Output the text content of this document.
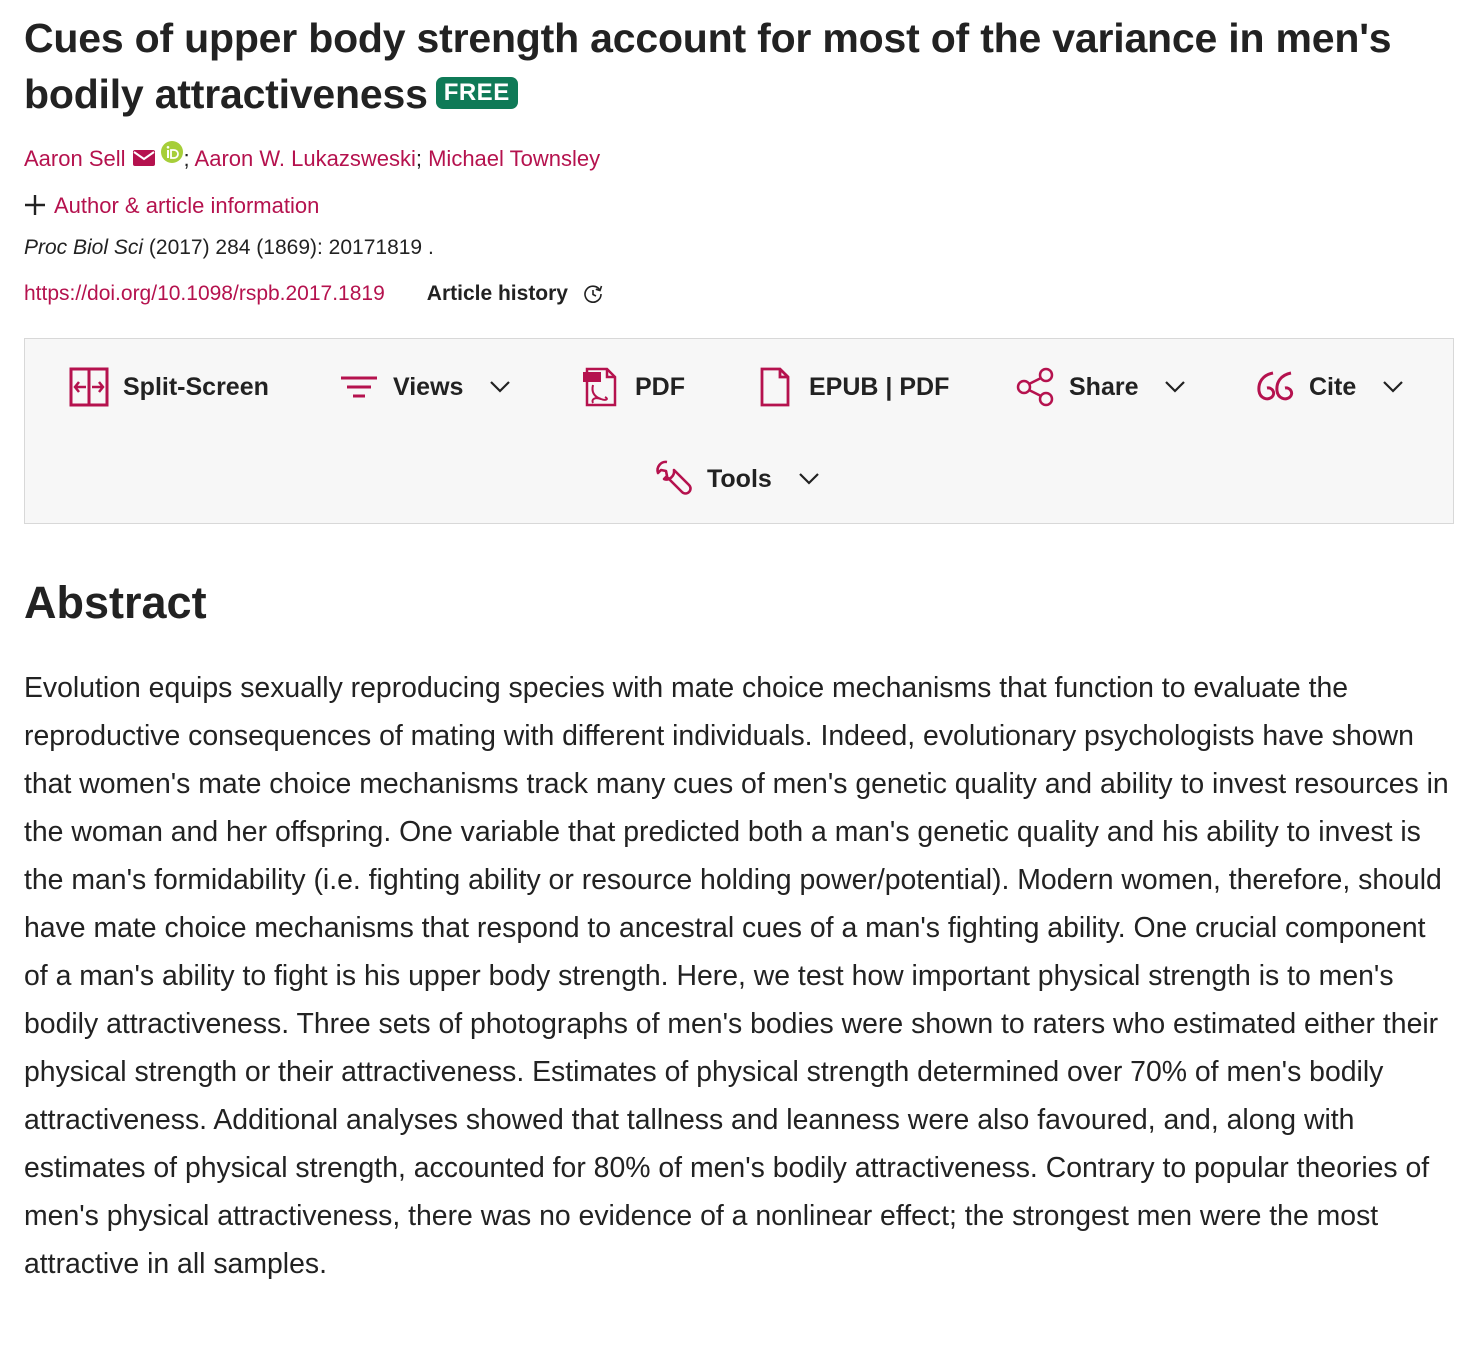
Cues of upper body strength account for most of the variance in men's bodily attractiveness FREE
Aaron Sell	; Aaron W. Lukazsweski; Michael Townsley
Author & article information
Proc Biol Sci (2017) 284 (1869): 20171819 .
https://doi.org/10.1098/rspb.2017.1819 Article history
Split-Screen	Views	PDF	EPUB | PDF	Share	Cite
Tools
Abstract

Evolution equips sexually reproducing species with mate choice mechanisms that function to evaluate the reproductive consequences of mating with different individuals. Indeed, evolutionary psychologists have shown that women's mate choice mechanisms track many cues of men's genetic quality and ability to invest resources in the woman and her offspring. One variable that predicted both a man's genetic quality and his ability to invest is the man's formidability (i.e. fighting ability or resource holding power/potential). Modern women, therefore, should have mate choice mechanisms that respond to ancestral cues of a man's fighting ability. One crucial component of a man's ability to fight is his upper body strength. Here, we test how important physical strength is to men's bodily attractiveness. Three sets of photographs of men's bodies were shown to raters who estimated either their physical strength or their attractiveness. Estimates of physical strength determined over 70% of men's bodily attractiveness. Additional analyses showed that tallness and leanness were also favoured, and, along with estimates of physical strength, accounted for 80% of men's bodily attractiveness. Contrary to popular theories of men's physical attractiveness, there was no evidence of a nonlinear effect; the strongest men were the most attractive in all samples.
